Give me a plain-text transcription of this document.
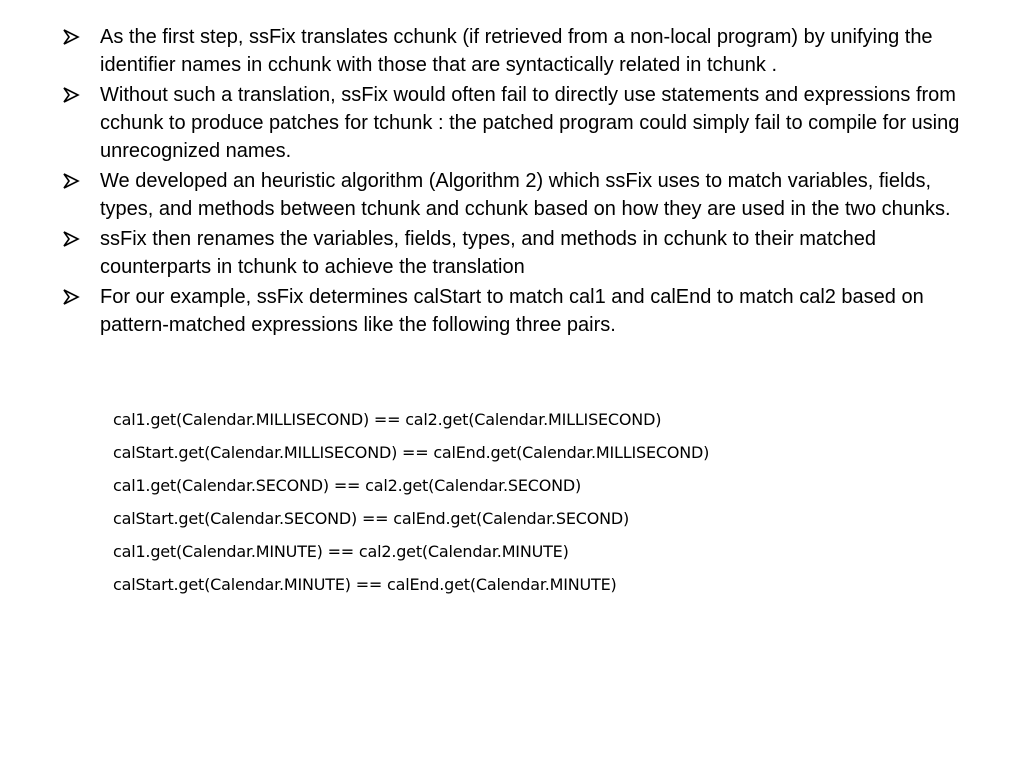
As the first step, ssFix translates cchunk (if retrieved from a non-local program) by unifying the identifier names in cchunk with those that are syntactically related in tchunk .
Without such a translation, ssFix would often fail to directly use statements and expressions from cchunk to produce patches for tchunk : the patched program could simply fail to compile for using unrecognized names.
We developed an heuristic algorithm (Algorithm 2) which ssFix uses to match variables, fields, types, and methods between tchunk and cchunk based on how they are used in the two chunks.
ssFix then renames the variables, fields, types, and methods in cchunk to their matched counterparts in tchunk to achieve the translation
For our example, ssFix determines calStart to match cal1 and calEnd to match cal2 based on pattern-matched expressions like the following three pairs.
cal1.get(Calendar.MILLISECOND) == cal2.get(Calendar.MILLISECOND)
calStart.get(Calendar.MILLISECOND) == calEnd.get(Calendar.MILLISECOND)
cal1.get(Calendar.SECOND) == cal2.get(Calendar.SECOND)
calStart.get(Calendar.SECOND) == calEnd.get(Calendar.SECOND)
cal1.get(Calendar.MINUTE) == cal2.get(Calendar.MINUTE)
calStart.get(Calendar.MINUTE) == calEnd.get(Calendar.MINUTE)
